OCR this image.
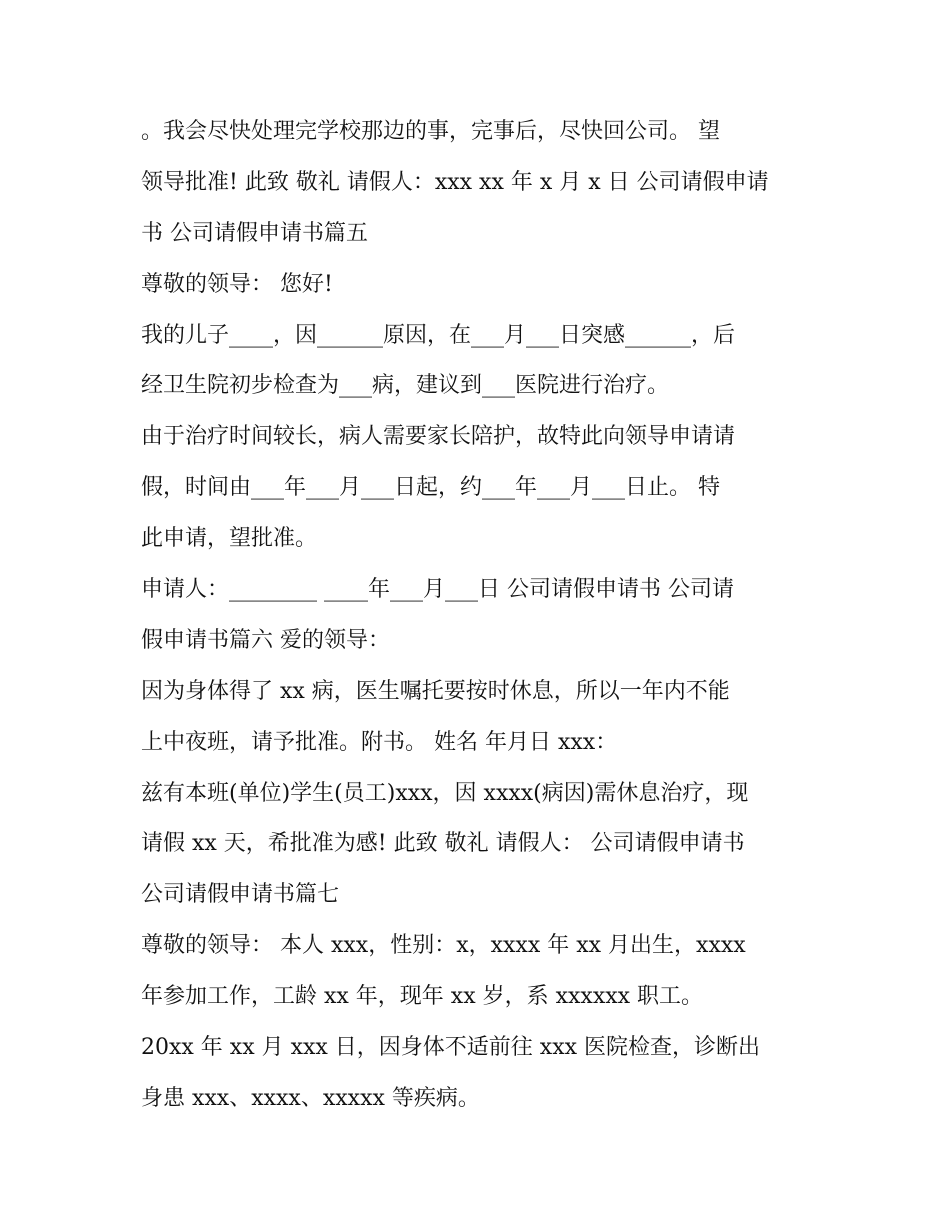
。我会尽快处理完学校那边的事，完事后，尽快回公司。 望
领导批准! 此致 敬礼 请假人：xxx xx 年 x 月 x 日 公司请假申请
书 公司请假申请书篇五
尊敬的领导： 您好!
我的儿子____，因______原因，在___月___日突感______，后
经卫生院初步检查为___病，建议到___医院进行治疗。
由于治疗时间较长，病人需要家长陪护，故特此向领导申请请
假，时间由___年___月___日起，约___年___月___日止。 特
此申请，望批准。
申请人：________ ____年___月___日 公司请假申请书 公司请
假申请书篇六 爱的领导：
因为身体得了 xx 病，医生嘱托要按时休息，所以一年内不能
上中夜班，请予批准。附书。 姓名 年月日 xxx：
兹有本班(单位)学生(员工)xxx，因 xxxx(病因)需休息治疗，现
请假 xx 天，希批准为感! 此致 敬礼 请假人： 公司请假申请书
公司请假申请书篇七
尊敬的领导： 本人 xxx，性别：x，xxxx 年 xx 月出生，xxxx
年参加工作，工龄 xx 年，现年 xx 岁，系 xxxxxx 职工。
20xx 年 xx 月 xxx 日，因身体不适前往 xxx 医院检查，诊断出
身患 xxx、xxxx、xxxxx 等疾病。
